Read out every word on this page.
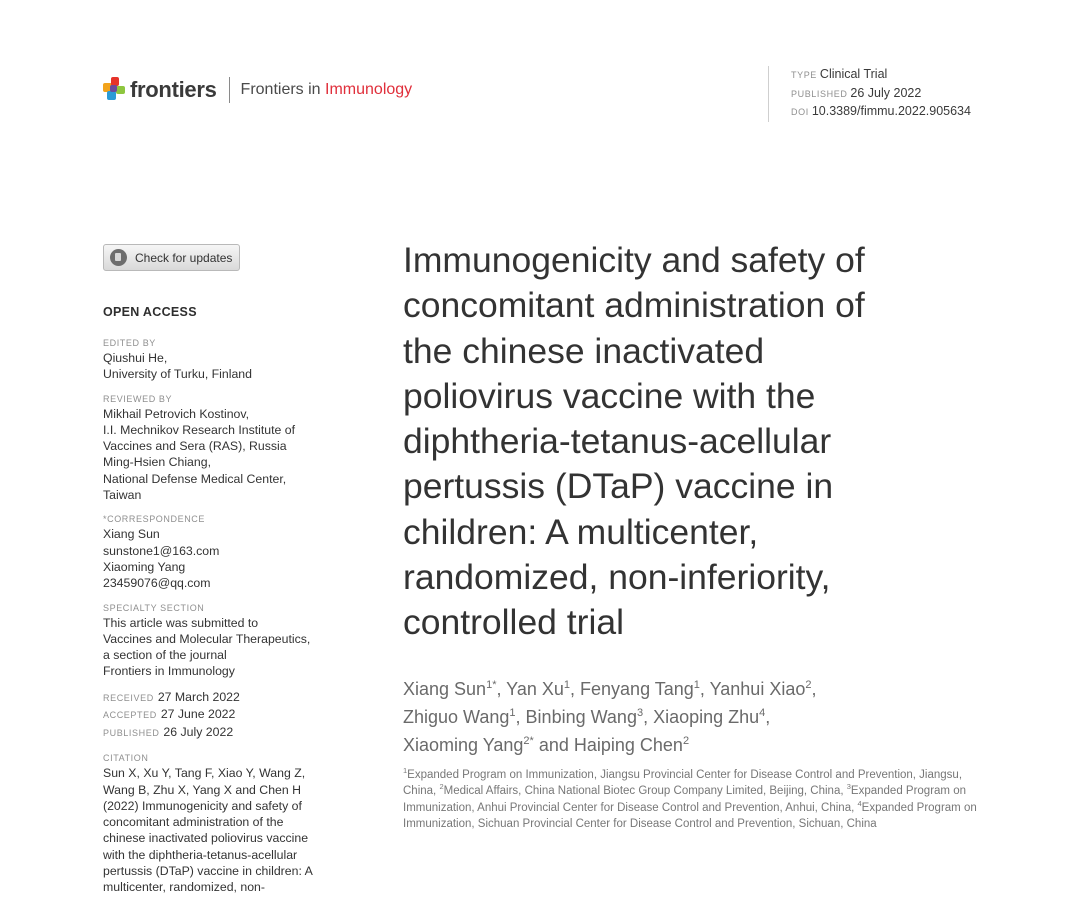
frontiers Frontiers in Immunology
TYPE Clinical Trial
PUBLISHED 26 July 2022
DOI 10.3389/fimmu.2022.905634
Check for updates
OPEN ACCESS
EDITED BY
Qiushui He,
University of Turku, Finland
REVIEWED BY
Mikhail Petrovich Kostinov,
I.I. Mechnikov Research Institute of
Vaccines and Sera (RAS), Russia
Ming-Hsien Chiang,
National Defense Medical Center,
Taiwan
*CORRESPONDENCE
Xiang Sun
sunstone1@163.com
Xiaoming Yang
23459076@qq.com
SPECIALTY SECTION
This article was submitted to
Vaccines and Molecular Therapeutics,
a section of the journal
Frontiers in Immunology
RECEIVED 27 March 2022
ACCEPTED 27 June 2022
PUBLISHED 26 July 2022
CITATION
Sun X, Xu Y, Tang F, Xiao Y, Wang Z,
Wang B, Zhu X, Yang X and Chen H
(2022) Immunogenicity and safety of
concomitant administration of the
chinese inactivated poliovirus vaccine
with the diphtheria-tetanus-acellular
pertussis (DTaP) vaccine in children: A
multicenter, randomized, non-
Immunogenicity and safety of
concomitant administration of
the chinese inactivated
poliovirus vaccine with the
diphtheria-tetanus-acellular
pertussis (DTaP) vaccine in
children: A multicenter,
randomized, non-inferiority,
controlled trial
Xiang Sun$^{1*}$, Yan Xu$^1$, Fenyang Tang$^1$, Yanhui Xiao$^2$,
Zhiguo Wang$^1$, Binbing Wang$^3$, Xiaoping Zhu$^4$,
Xiaoming Yang$^{2*}$ and Haiping Chen$^2$
$^1$Expanded Program on Immunization, Jiangsu Provincial Center for Disease Control and Prevention, Jiangsu, China, $^2$Medical Affairs, China National Biotec Group Company Limited, Beijing, China, $^3$Expanded Program on Immunization, Anhui Provincial Center for Disease Control and Prevention, Anhui, China, $^4$Expanded Program on Immunization, Sichuan Provincial Center for Disease Control and Prevention, Sichuan, China
